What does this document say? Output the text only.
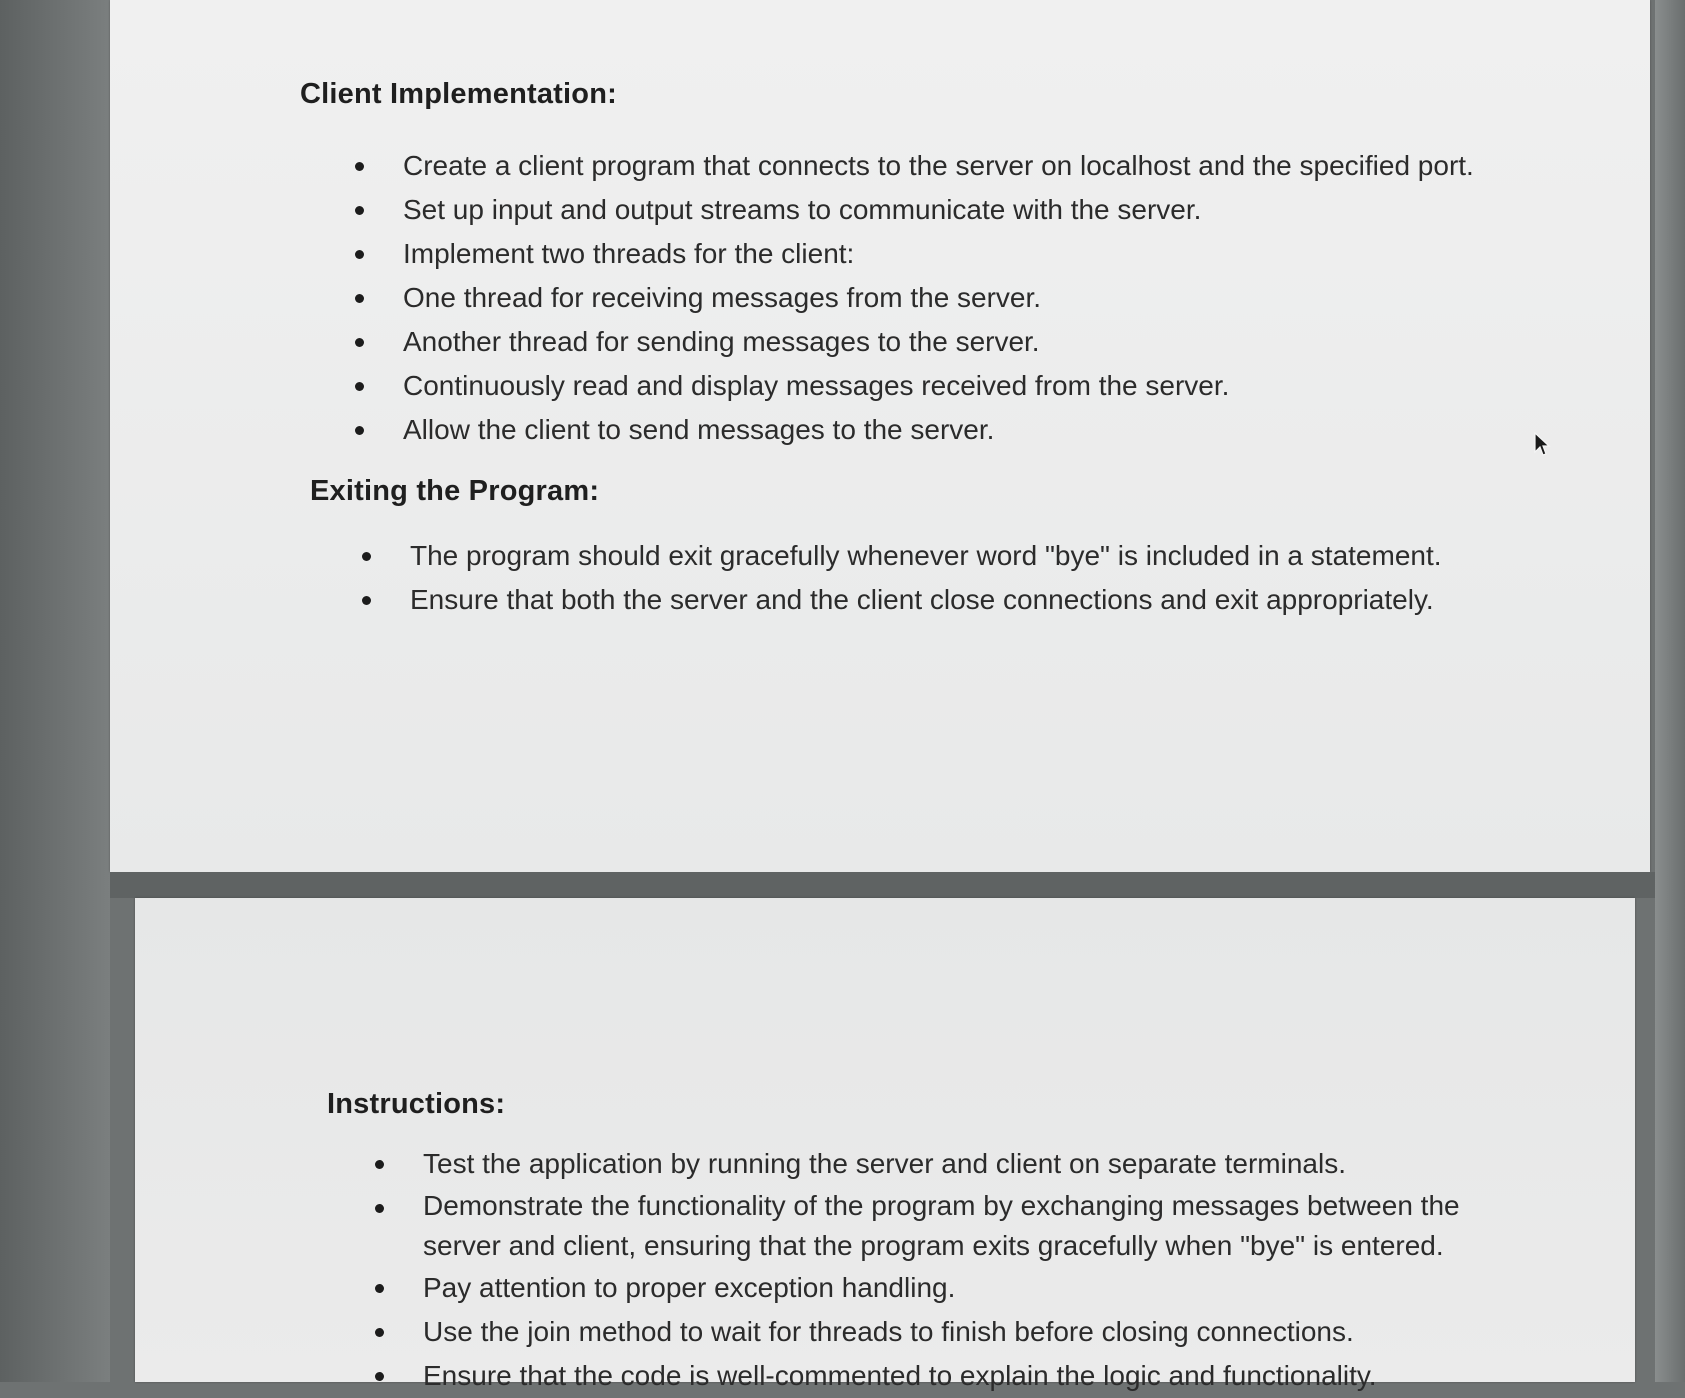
Client Implementation:
Create a client program that connects to the server on localhost and the specified port.
Set up input and output streams to communicate with the server.
Implement two threads for the client:
One thread for receiving messages from the server.
Another thread for sending messages to the server.
Continuously read and display messages received from the server.
Allow the client to send messages to the server.
Exiting the Program:
The program should exit gracefully whenever word "bye" is included in a statement.
Ensure that both the server and the client close connections and exit appropriately.
Instructions:
Test the application by running the server and client on separate terminals.
Demonstrate the functionality of the program by exchanging messages between the server and client, ensuring that the program exits gracefully when "bye" is entered.
Pay attention to proper exception handling.
Use the join method to wait for threads to finish before closing connections.
Ensure that the code is well-commented to explain the logic and functionality.
